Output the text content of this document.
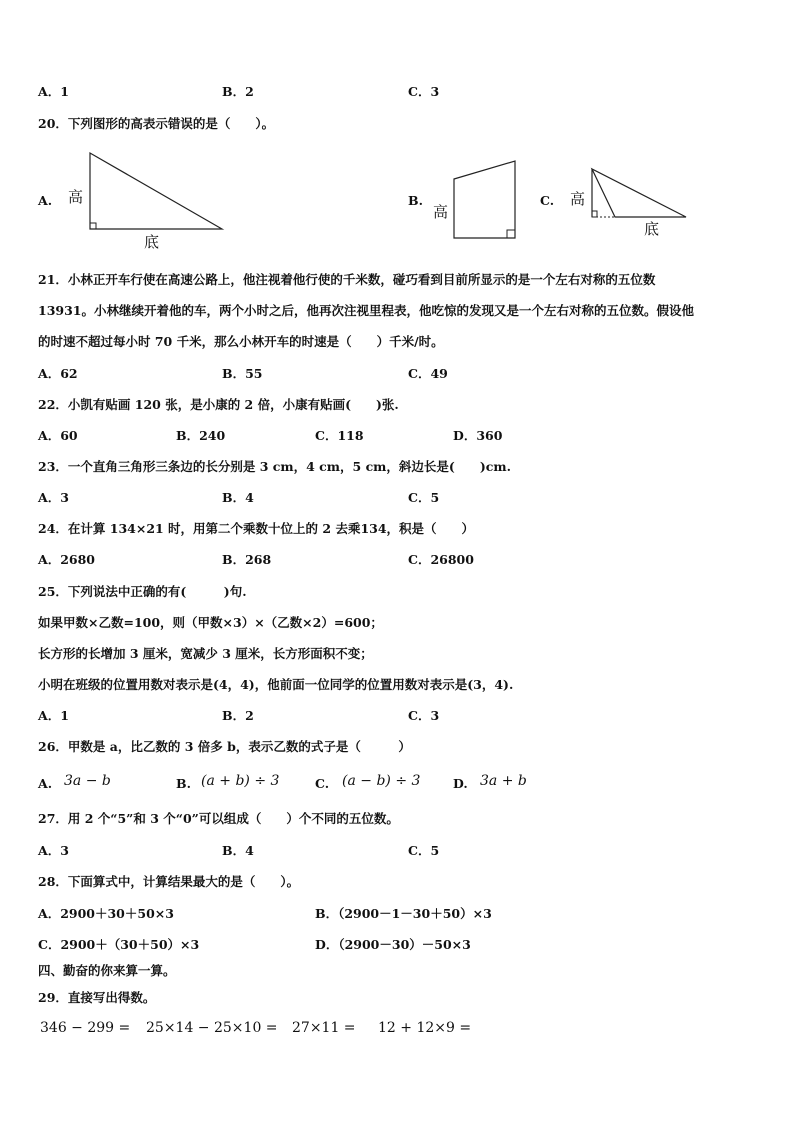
A．1	B．2	C．3
20．下列图形的高表示错误的是（　　）。
A. 高
底
B.
高
C. 高
底
21．小林正开车行使在高速公路上，他注视着他行使的千米数，碰巧看到目前所显示的是一个左右对称的五位数
13931。小林继续开着他的车，两个小时之后，他再次注视里程表，他吃惊的发现又是一个左右对称的五位数。假设他
的时速不超过每小时 70 千米，那么小林开车的时速是（　　）千米/时。
A．62	B．55	C．49
22．小凯有贴画 120 张，是小康的 2 倍，小康有贴画(　　)张.
A．60	B．240	C．118	D．360
23．一个直角三角形三条边的长分别是 3 cm，4 cm，5 cm，斜边长是(　　)cm.
A．3	B．4	C．5
24．在计算 134×21 时，用第二个乘数十位上的 2 去乘134，积是（　　）
A．2680	B．268	C．26800
25．下列说法中正确的有(　　　)句.
如果甲数×乙数=100，则（甲数×3）×（乙数×2）=600；
长方形的长增加 3 厘米，宽减少 3 厘米，长方形面积不变；
小明在班级的位置用数对表示是(4，4)，他前面一位同学的位置用数对表示是(3，4).
A．1	B．2	C．3
26．甲数是 a，比乙数的 3 倍多 b，表示乙数的式子是（　　　）
A. 3a − b	B. (a + b) ÷ 3	C. (a − b) ÷ 3	D. 3a + b
27．用 2 个“5”和 3 个“0”可以组成（　　）个不同的五位数。
A．3	B．4	C．5
28．下面算式中，计算结果最大的是（　　）。
A．2900＋30＋50×3	B．（2900－1－30＋50）×3
C．2900＋（30＋50）×3	D．（2900－30）－50×3
四、勤奋的你来算一算。
29．直接写出得数。
346 − 299 = 25×14 − 25×10 = 27×11 = 12 + 12×9 =
